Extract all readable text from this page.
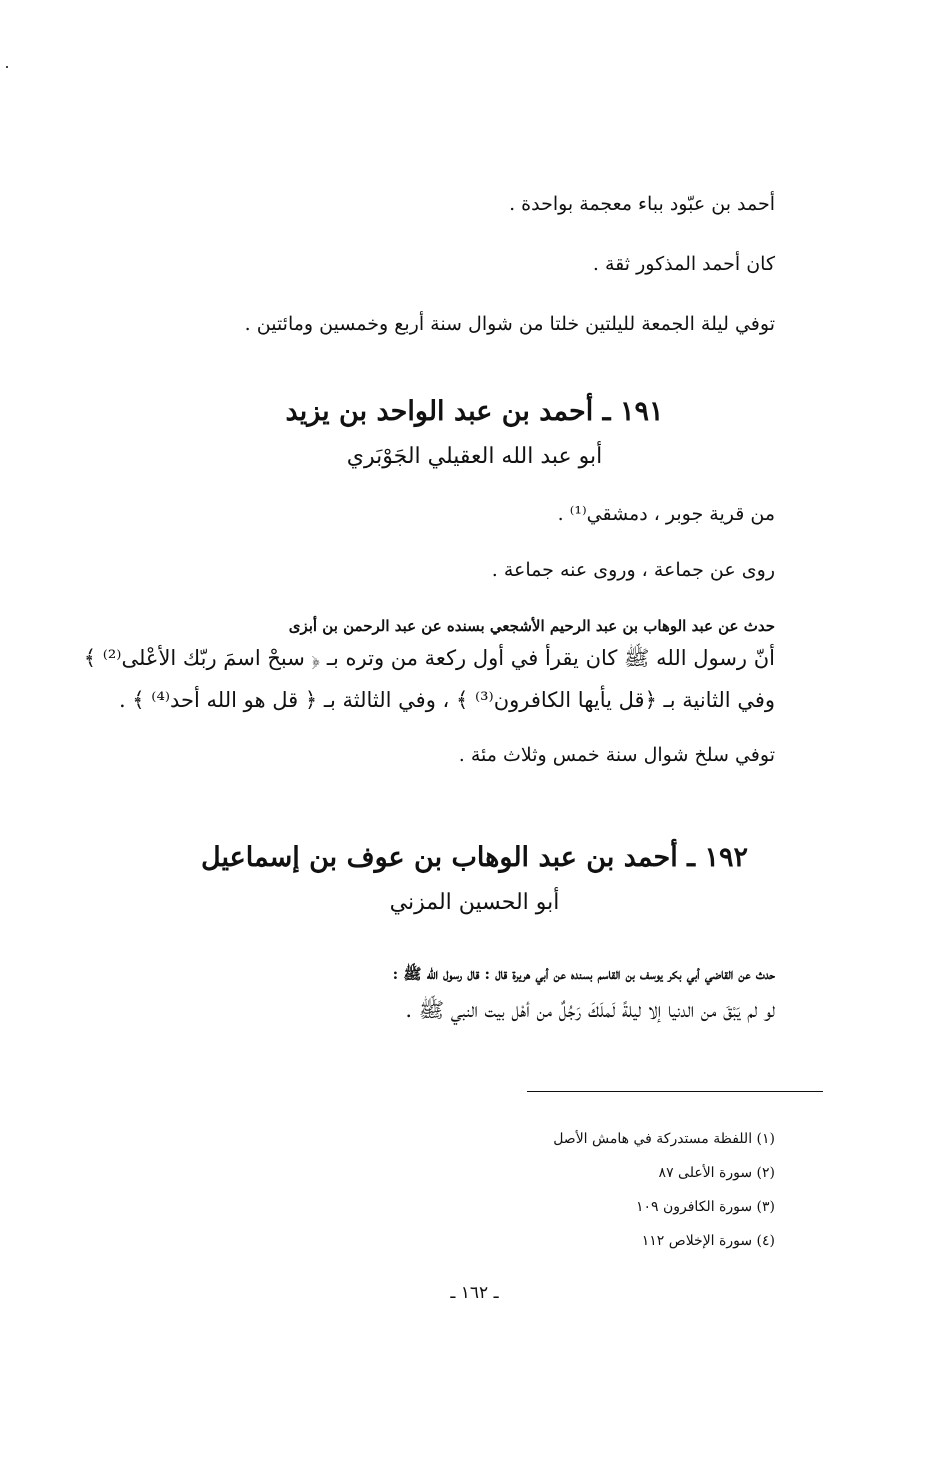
أحمد بن عبّود بباء معجمة بواحدة .
كان أحمد المذكور ثقة .
توفي ليلة الجمعة لليلتين خلتا من شوال سنة أربع وخمسين ومائتين .
١٩١ ـ أحمد بن عبد الواحد بن يزيد
أبو عبد الله العقيلي الجَوْبَري
من قرية جوبر ، دمشقي⁽¹⁾ .
روى عن جماعة ، وروى عنه جماعة .
حدث عن عبد الوهاب بن عبد الرحيم الأشجعي بسنده عن عبد الرحمن بن أبزى
أنّ رسول الله ﷺ كان يقرأ في أول ركعة من وتره بـ ﴿ سبحْ اسمَ ربّك الأعْلى⁽²⁾ ﴾
وفي الثانية بـ ﴿قل يأيها الكافرون⁽³⁾ ﴾ ، وفي الثالثة بـ ﴿ قل هو الله أحد⁽⁴⁾ ﴾ .
توفي سلخ شوال سنة خمس وثلاث مئة .
١٩٢ ـ أحمد بن عبد الوهاب بن عوف بن إسماعيل
أبو الحسين المزني
حدث عن القاضي أبي بكر يوسف بن القاسم بسنده عن أبي هريرة قال : قال رسول الله ﷺ :
لو لم يَبْقَ من الدنيا إلا ليلةً لَملَكَ رَجُلٌ من أهْل بيت النبي ﷺ .
(١) اللفظة مستدركة في هامش الأصل
(٢) سورة الأعلى ٨٧
(٣) سورة الكافرون ١٠٩
(٤) سورة الإخلاص ١١٢
ـ ١٦٢ ـ
